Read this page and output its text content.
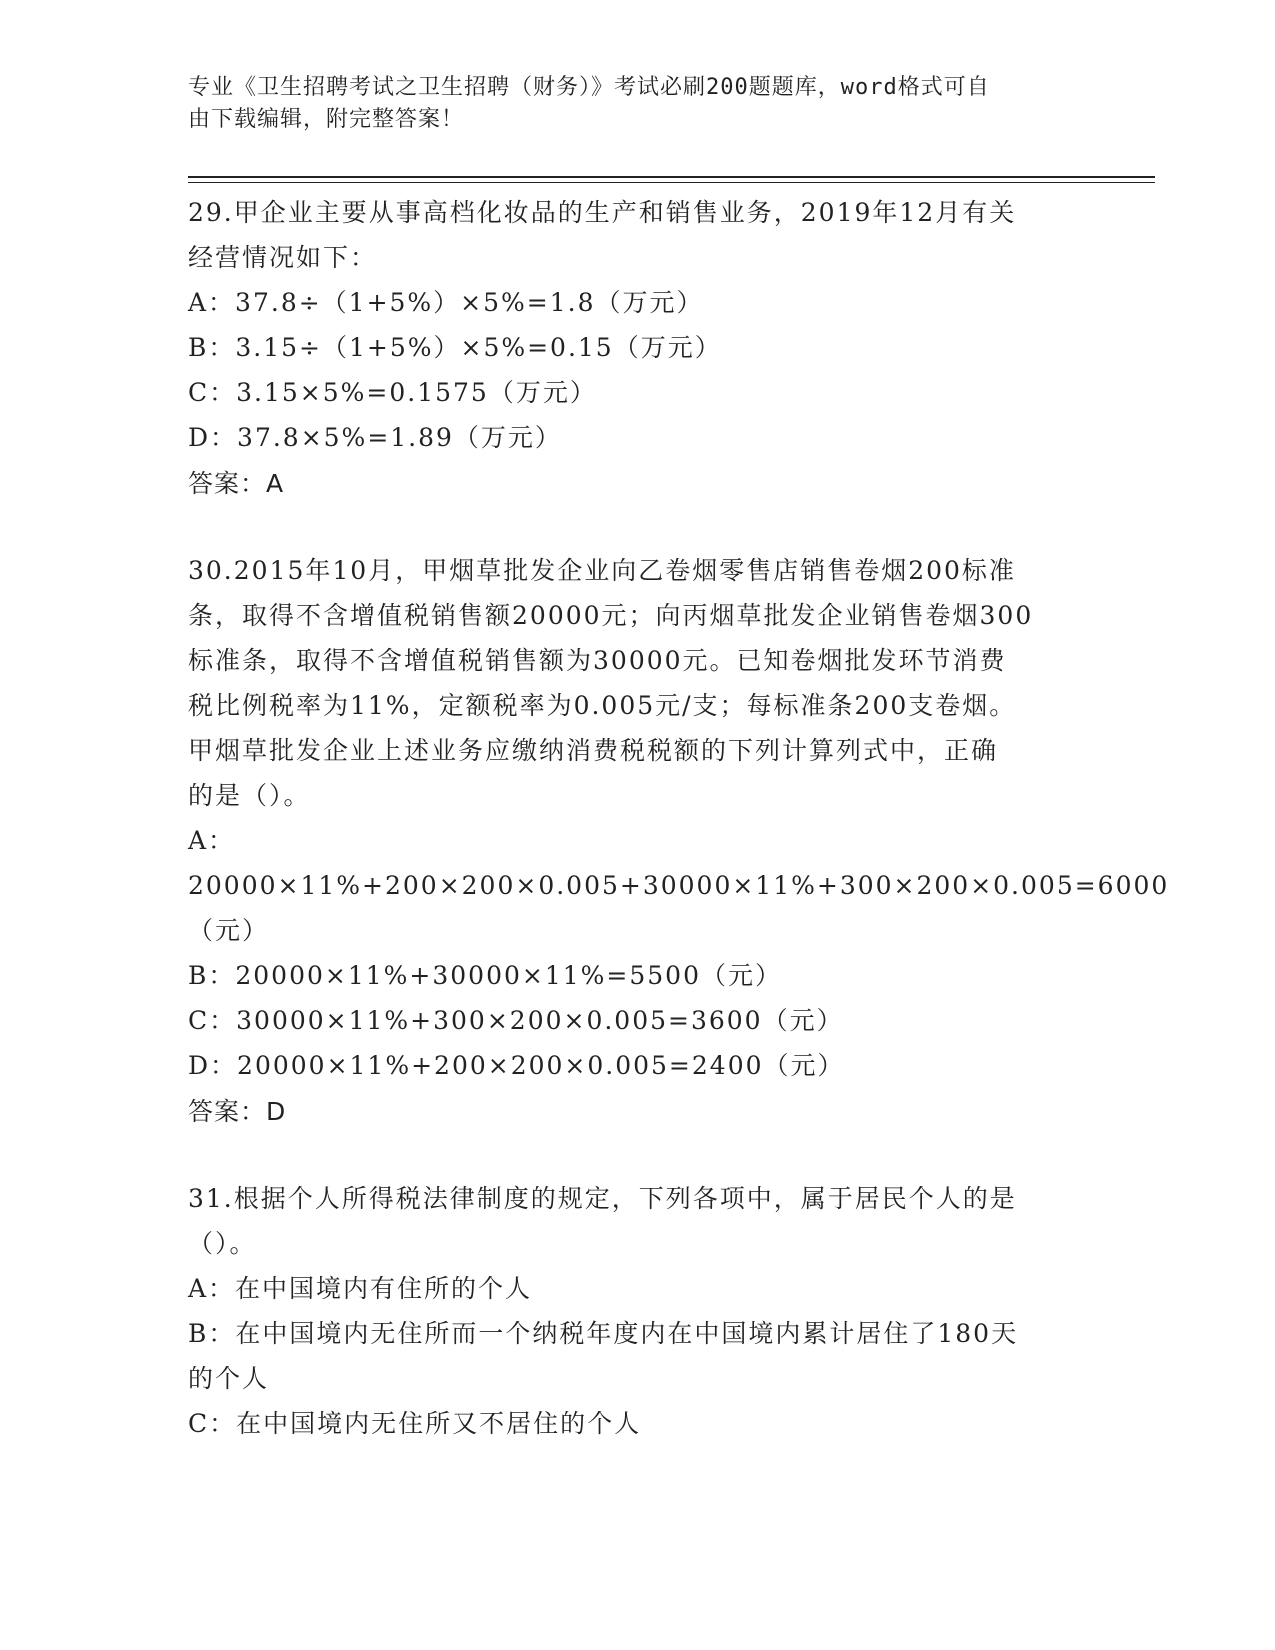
专业《卫生招聘考试之卫生招聘（财务）》考试必刷200题题库，word格式可自
由下载编辑，附完整答案！
29.甲企业主要从事高档化妆品的生产和销售业务，2019年12月有关
经营情况如下：
A：37.8÷（1+5%）×5%=1.8（万元）
B：3.15÷（1+5%）×5%=0.15（万元）
C：3.15×5%=0.1575（万元）
D：37.8×5%=1.89（万元）
答案：A
30.2015年10月，甲烟草批发企业向乙卷烟零售店销售卷烟200标准
条，取得不含增值税销售额20000元；向丙烟草批发企业销售卷烟300
标准条，取得不含增值税销售额为30000元。已知卷烟批发环节消费
税比例税率为11%，定额税率为0.005元/支；每标准条200支卷烟。
甲烟草批发企业上述业务应缴纳消费税税额的下列计算列式中，正确
的是（）。
A：20000×11%+200×200×0.005+30000×11%+300×200×0.005=6000
（元）
B：20000×11%+30000×11%=5500（元）
C：30000×11%+300×200×0.005=3600（元）
D：20000×11%+200×200×0.005=2400（元）
答案：D
31.根据个人所得税法律制度的规定，下列各项中，属于居民个人的是
（）。
A：在中国境内有住所的个人
B：在中国境内无住所而一个纳税年度内在中国境内累计居住了180天
的个人
C：在中国境内无住所又不居住的个人
